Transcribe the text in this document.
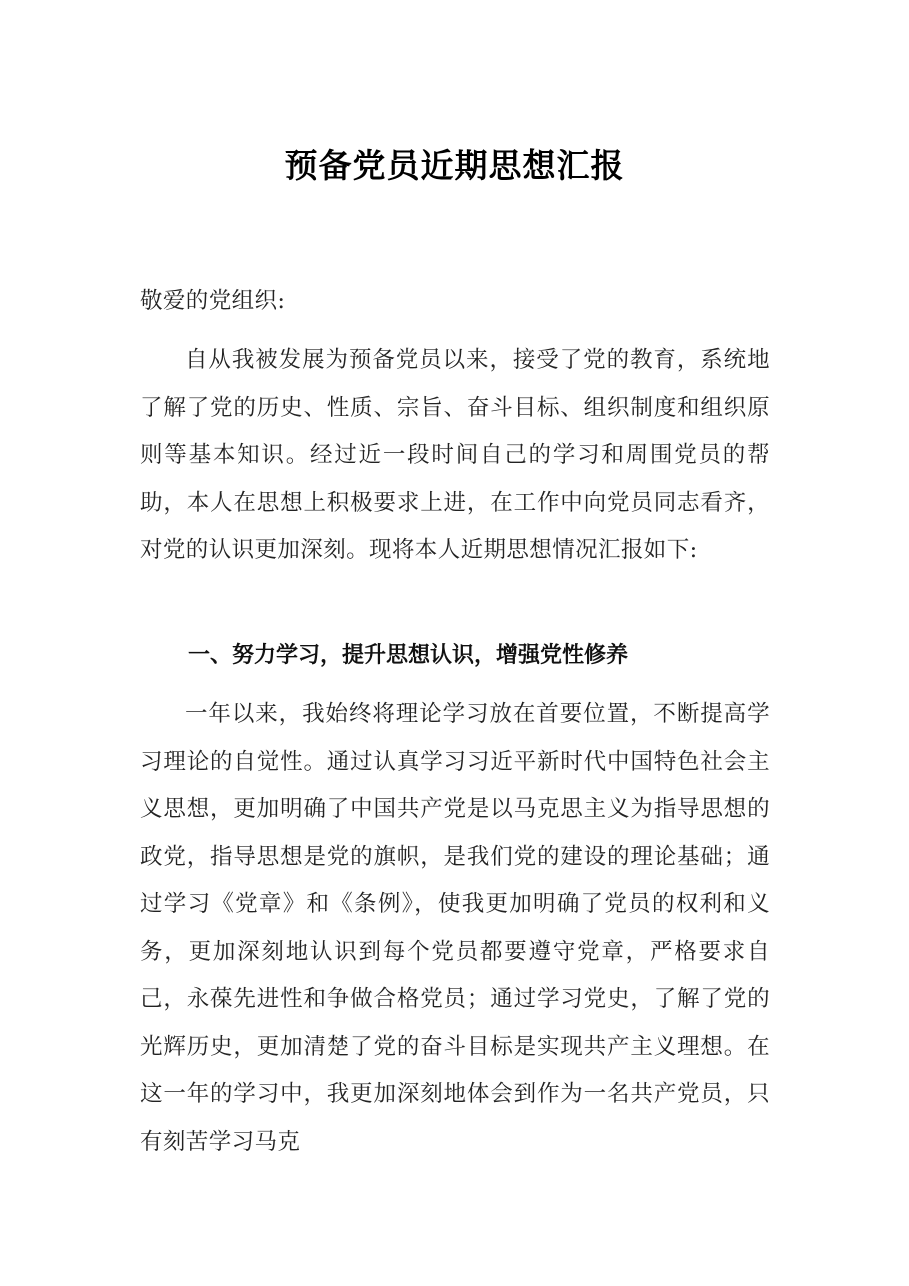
预备党员近期思想汇报

敬爱的党组织:

自从我被发展为预备党员以来，接受了党的教育，系统地了解了党的历史、性质、宗旨、奋斗目标、组织制度和组织原则等基本知识。经过近一段时间自己的学习和周围党员的帮助，本人在思想上积极要求上进，在工作中向党员同志看齐，对党的认识更加深刻。现将本人近期思想情况汇报如下:

一、努力学习，提升思想认识，增强党性修养

一年以来，我始终将理论学习放在首要位置，不断提高学习理论的自觉性。通过认真学习习近平新时代中国特色社会主义思想，更加明确了中国共产党是以马克思主义为指导思想的政党，指导思想是党的旗帜，是我们党的建设的理论基础；通过学习《党章》和《条例》，使我更加明确了党员的权利和义务，更加深刻地认识到每个党员都要遵守党章，严格要求自己，永葆先进性和争做合格党员；通过学习党史，了解了党的光辉历史，更加清楚了党的奋斗目标是实现共产主义理想。在这一年的学习中，我更加深刻地体会到作为一名共产党员，只有刻苦学习马克
